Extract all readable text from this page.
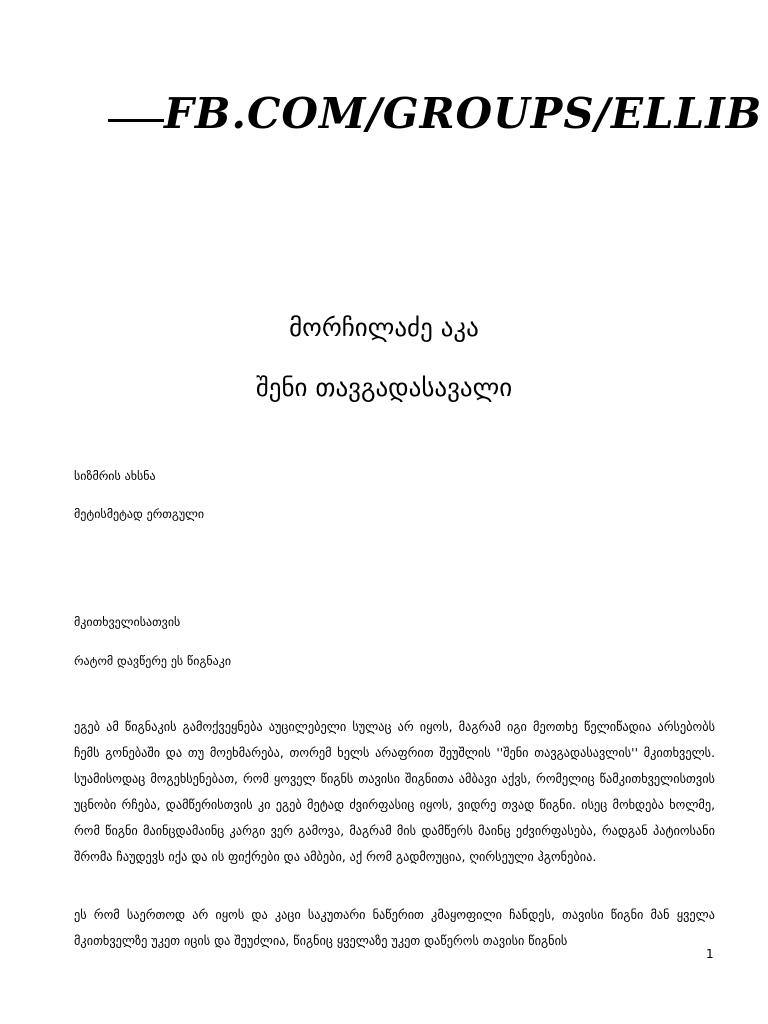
FB.COM/GROUPS/ELLIB
მორჩილაძე აკა
შენი თავგადასავალი
სიზმრის ახსნა
მეტისმეტად ერთგული
მკითხველისათვის
რატომ დავწერე ეს წიგნაკი

ეგებ ამ წიგნაკის გამოქვეყნება აუცილებელი სულაც არ იყოს, მაგრამ იგი მეოთხე წელიწადია არსებობს ჩემს გონებაში და თუ მოეხმარება, თორემ ხელს არაფრით შეუშლის ''შენი თავგადასავლის'' მკითხველს. სუამისოდაც მოგეხსენებათ, რომ ყოველ წიგნს თავისი შიგნითა ამბავი აქვს, რომელიც წამკითხველისთვის უცნობი რჩება, დამწერისთვის კი ეგებ მეტად ძვირფასიც იყოს, ვიდრე თვად წიგნი. ისეც მოხდება ხოლმე, რომ წიგნი მაინცდამაინც კარგი ვერ გამოვა, მაგრამ მის დამწერს მაინც ეძვირფასება, რადგან პატიოსანი შრომა ჩაუდევს იქა და ის ფიქრები და ამბები, აქ რომ გადმოუცია, ღირსეული ჰგონებია.

ეს რომ საერთოდ არ იყოს და კაცი საკუთარი ნაწერით კმაყოფილი ჩანდეს, თავისი წიგნი მან ყველა მკითხველზე უკეთ იცის და შეუძლია, წიგნიც ყველაზე უკეთ დაწეროს თავისი წიგნის

1
